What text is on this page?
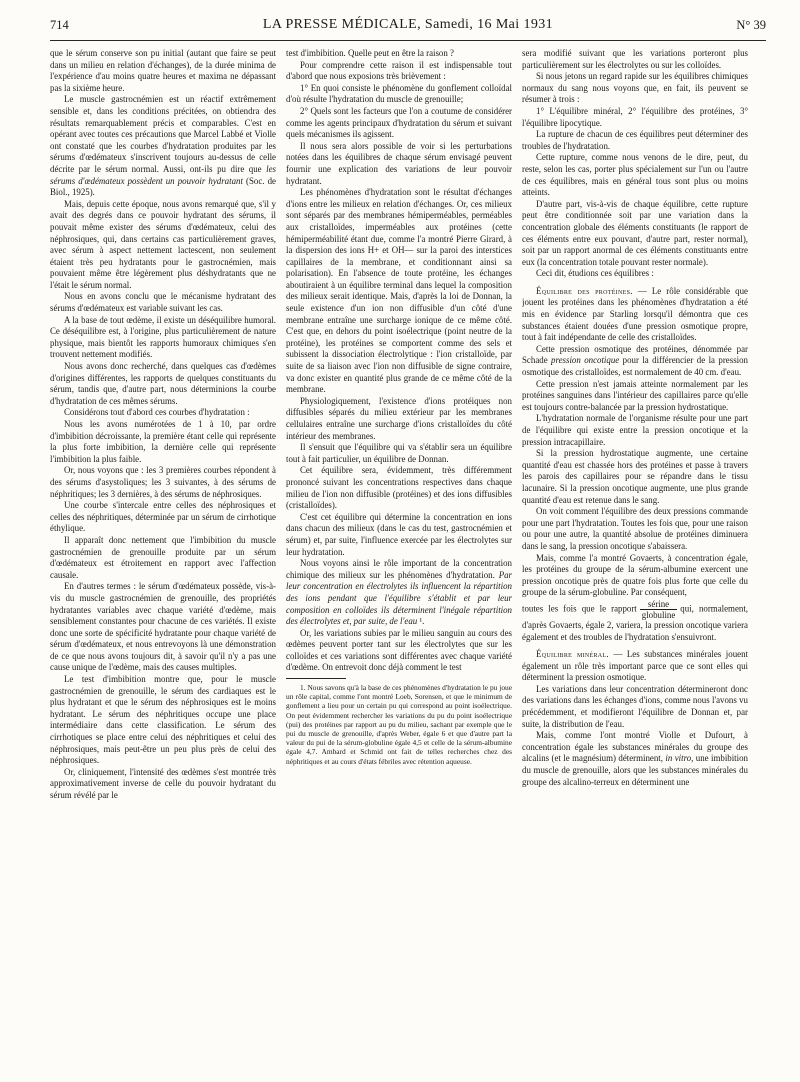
714	LA PRESSE MÉDICALE, Samedi, 16 Mai 1931	N° 39

que le sérum conserve son pu initial (autant que faire se peut dans un milieu en relation d'échanges), de la durée minima de l'expérience d'au moins quatre heures et maxima ne dépassant pas la sixième heure.

Le muscle gastrocnémien est un réactif extrêmement sensible et, dans les conditions précitées, on obtiendra des résultats remarquablement précis et comparables. C'est en opérant avec toutes ces précautions que Marcel Labbé et Violle ont constaté que les courbes d'hydratation produites par les sérums d'œdémateux s'inscrivent toujours au-dessus de celle décrite par le sérum normal. Aussi, ont-ils pu dire que les sérums d'œdémateux possèdent un pouvoir hydratant (Soc. de Biol., 1925).

Mais, depuis cette époque, nous avons remarqué que, s'il y avait des degrés dans ce pouvoir hydratant des sérums, il pouvait même exister des sérums d'œdémateux, celui des néphrosiques, qui, dans certains cas particulièrement graves, avec sérum à aspect nettement lactescent, non seulement étaient très peu hydratants pour le gastrocnémien, mais pouvaient même être légèrement plus déshydratants que ne l'était le sérum normal.

Nous en avons conclu que le mécanisme hydratant des sérums d'œdémateux est variable suivant les cas.

A la base de tout œdème, il existe un déséquilibre humoral. Ce déséquilibre est, à l'origine, plus particulièrement de nature physique, mais bientôt les rapports humoraux chimiques s'en trouvent nettement modifiés.

Nous avons donc recherché, dans quelques cas d'œdèmes d'origines différentes, les rapports de quelques constituants du sérum, tandis que, d'autre part, nous déterminions la courbe d'hydratation de ces mêmes sérums.

Considérons tout d'abord ces courbes d'hydratation :

Nous les avons numérotées de 1 à 10, par ordre d'imbibition décroissante, la première étant celle qui représente la plus forte imbibition, la dernière celle qui représente l'imbibition la plus faible.

Or, nous voyons que : les 3 premières courbes répondent à des sérums d'asystoliques; les 3 suivantes, à des sérums de néphritiques; les 3 dernières, à des sérums de néphrosiques.

Une courbe s'intercale entre celles des néphrosiques et celles des néphritiques, déterminée par un sérum de cirrhotique éthylique.

Il apparaît donc nettement que l'imbibition du muscle gastrocnémien de grenouille produite par un sérum d'œdémateux est étroitement en rapport avec l'affection causale.

En d'autres termes : le sérum d'œdémateux possède, vis-à-vis du muscle gastrocnémien de grenouille, des propriétés hydratantes variables avec chaque variété d'œdème, mais sensiblement constantes pour chacune de ces variétés. Il existe donc une sorte de spécificité hydratante pour chaque variété de sérum d'œdémateux, et nous entrevoyons là une démonstration de ce que nous avons toujours dit, à savoir qu'il n'y a pas une cause unique de l'œdème, mais des causes multiples.

Le test d'imbibition montre que, pour le muscle gastrocnémien de grenouille, le sérum des cardiaques est le plus hydratant et que le sérum des néphrosiques est le moins hydratant. Le sérum des néphritiques occupe une place intermédiaire dans cette classification. Le sérum des cirrhotiques se place entre celui des néphritiques et celui des néphrosiques, mais peut-être un peu plus près de celui des néphrosiques.

Or, cliniquement, l'intensité des œdèmes s'est montrée très approximativement inverse de celle du pouvoir hydratant du sérum révélé par le

test d'imbibition. Quelle peut en être la raison ?

Pour comprendre cette raison il est indispensable tout d'abord que nous exposions très brièvement :

1° En quoi consiste le phénomène du gonflement colloïdal d'où résulte l'hydratation du muscle de grenouille;

2° Quels sont les facteurs que l'on a coutume de considérer comme les agents principaux d'hydratation du sérum et suivant quels mécanismes ils agissent.

Il nous sera alors possible de voir si les perturbations notées dans les équilibres de chaque sérum envisagé peuvent fournir une explication des variations de leur pouvoir hydratant.

Les phénomènes d'hydratation sont le résultat d'échanges d'ions entre les milieux en relation d'échanges. Or, ces milieux sont séparés par des membranes hémiperméables, perméables aux cristalloïdes, imperméables aux protéines (cette hémiperméabilité étant due, comme l'a montré Pierre Girard, à la dispersion des ions H+ et OH— sur la paroi des interstices capillaires de la membrane, et conditionnant ainsi sa polarisation). En l'absence de toute protéine, les échanges aboutiraient à un équilibre terminal dans lequel la composition des milieux serait identique. Mais, d'après la loi de Donnan, la seule existence d'un ion non diffusible d'un côté d'une membrane entraîne une surcharge ionique de ce même côté. C'est que, en dehors du point isoélectrique (point neutre de la protéine), les protéines se comportent comme des sels et subissent la dissociation électrolytique : l'ion cristalloïde, par suite de sa liaison avec l'ion non diffusible de signe contraire, va donc exister en quantité plus grande de ce même côté de la membrane.

Physiologiquement, l'existence d'ions protéiques non diffusibles séparés du milieu extérieur par les membranes cellulaires entraîne une surcharge d'ions cristalloïdes du côté intérieur des membranes.

Il s'ensuit que l'équilibre qui va s'établir sera un équilibre tout à fait particulier, un équilibre de Donnan.

Cet équilibre sera, évidemment, très différemment prononcé suivant les concentrations respectives dans chaque milieu de l'ion non diffusible (protéines) et des ions diffusibles (cristalloïdes).

C'est cet équilibre qui détermine la concentration en ions dans chacun des milieux (dans le cas du test, gastrocnémien et sérum) et, par suite, l'influence exercée par les électrolytes sur leur hydratation.

Nous voyons ainsi le rôle important de la concentration chimique des milieux sur les phénomènes d'hydratation. Par leur concentration en électrolytes ils influencent la répartition des ions pendant que l'équilibre s'établit et par leur composition en colloïdes ils déterminent l'inégale répartition des électrolytes et, par suite, de l'eau ¹.

Or, les variations subies par le milieu sanguin au cours des œdèmes peuvent porter tant sur les électrolytes que sur les colloïdes et ces variations sont différentes avec chaque variété d'œdème. On entrevoit donc déjà comment le test

1. Nous savons qu'à la base de ces phénomènes d'hydratation le pu joue un rôle capital, comme l'ont montré Loeb, Sorensen, et que le minimum de gonflement a lieu pour un certain pu qui correspond au point isoélectrique. On peut évidemment rechercher les variations du pu du point isoélectrique (pui) des protéines par rapport au pu du milieu, sachant par exemple que le pui du muscle de grenouille, d'après Weber, égale 6 et que d'autre part la valeur du pui de la sérum-globuline égale 4,5 et celle de la sérum-albumine égale 4,7. Ambard et Schmid ont fait de telles recherches chez des néphritiques et au cours d'états fébriles avec rétention aqueuse.

sera modifié suivant que les variations porteront plus particulièrement sur les électrolytes ou sur les colloïdes.

Si nous jetons un regard rapide sur les équilibres chimiques normaux du sang nous voyons que, en fait, ils peuvent se résumer à trois :

1° L'équilibre minéral, 2° l'équilibre des protéines, 3° l'équilibre lipocytique.

La rupture de chacun de ces équilibres peut déterminer des troubles de l'hydratation.

Cette rupture, comme nous venons de le dire, peut, du reste, selon les cas, porter plus spécialement sur l'un ou l'autre de ces équilibres, mais en général tous sont plus ou moins atteints.

D'autre part, vis-à-vis de chaque équilibre, cette rupture peut être conditionnée soit par une variation dans la concentration globale des éléments constituants (le rapport de ces éléments entre eux pouvant, d'autre part, rester normal), soit par un rapport anormal de ces éléments constituants entre eux (la concentration totale pouvant rester normale).

Ceci dit, étudions ces équilibres :

Équilibre des protéines. — Le rôle considérable que jouent les protéines dans les phénomènes d'hydratation a été mis en évidence par Starling lorsqu'il démontra que ces substances étaient douées d'une pression osmotique propre, tout à fait indépendante de celle des cristalloïdes.

Cette pression osmotique des protéines, dénommée par Schade pression oncotique pour la différencier de la pression osmotique des cristalloïdes, est normalement de 40 cm. d'eau.

Cette pression n'est jamais atteinte normalement par les protéines sanguines dans l'intérieur des capillaires parce qu'elle est toujours contre-balancée par la pression hydrostatique.

L'hydratation normale de l'organisme résulte pour une part de l'équilibre qui existe entre la pression oncotique et la pression intracapillaire.

Si la pression hydrostatique augmente, une certaine quantité d'eau est chassée hors des protéines et passe à travers les parois des capillaires pour se répandre dans le tissu lacunaire. Si la pression oncotique augmente, une plus grande quantité d'eau est retenue dans le sang.

On voit comment l'équilibre des deux pressions commande pour une part l'hydratation. Toutes les fois que, pour une raison ou pour une autre, la quantité absolue de protéines diminuera dans le sang, la pression oncotique s'abaissera.

Mais, comme l'a montré Govaerts, à concentration égale, les protéines du groupe de la sérum-albumine exercent une pression oncotique près de quatre fois plus forte que celle du groupe de la sérum-globuline. Par conséquent,

toutes les fois que le rapport $\frac{\text{sérine}}{\text{globuline}}$ qui, normalement, d'après Govaerts, égale 2, variera, la pression oncotique variera également et des troubles de l'hydratation s'ensuivront.

Équilibre minéral. — Les substances minérales jouent également un rôle très important parce que ce sont elles qui déterminent la pression osmotique.

Les variations dans leur concentration détermineront donc des variations dans les échanges d'ions, comme nous l'avons vu précédemment, et modifieront l'équilibre de Donnan et, par suite, la distribution de l'eau.

Mais, comme l'ont montré Violle et Dufourt, à concentration égale les substances minérales du groupe des alcalins (et le magnésium) déterminent, in vitro, une imbibition du muscle de grenouille, alors que les substances minérales du groupe des alcalino-terreux en déterminent une
